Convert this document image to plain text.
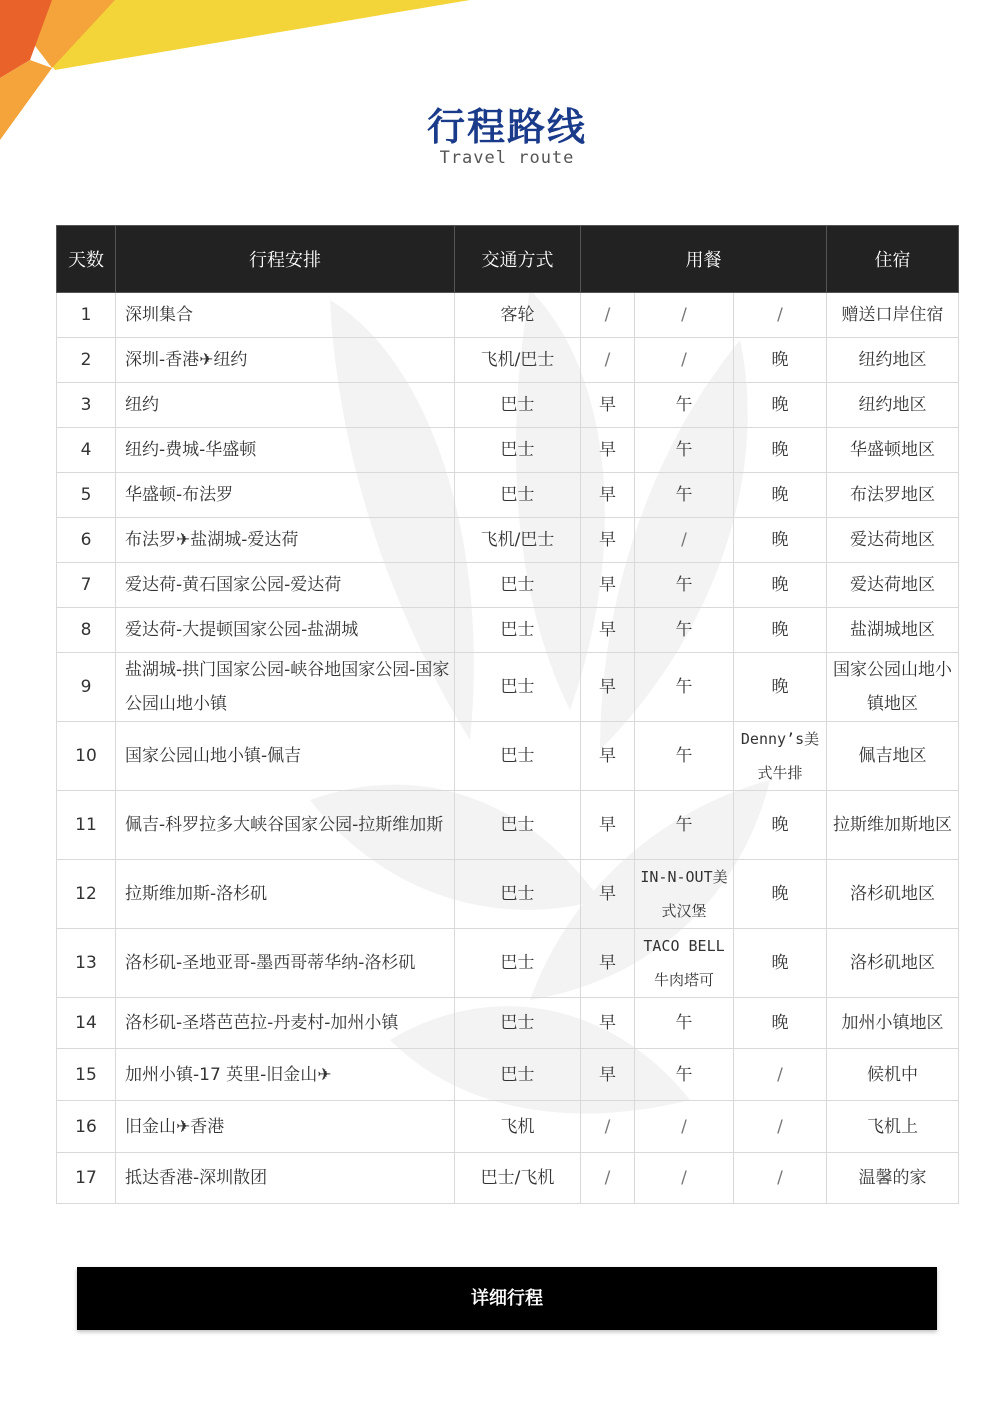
行程路线
Travel route
天数	行程安排	交通方式	用餐			住宿
1	深圳集合	客轮	/	/	/	赠送口岸住宿
2	深圳-香港✈纽约	飞机/巴士	/	/	晚	纽约地区
3	纽约	巴士	早	午	晚	纽约地区
4	纽约-费城-华盛顿	巴士	早	午	晚	华盛顿地区
5	华盛顿-布法罗	巴士	早	午	晚	布法罗地区
6	布法罗✈盐湖城-爱达荷	飞机/巴士	早	/	晚	爱达荷地区
7	爱达荷-黄石国家公园-爱达荷	巴士	早	午	晚	爱达荷地区
8	爱达荷-大提顿国家公园-盐湖城	巴士	早	午	晚	盐湖城地区
9	盐湖城-拱门国家公园-峡谷地国家公园-国家公园山地小镇	巴士	早	午	晚	国家公园山地小镇地区
10	国家公园山地小镇-佩吉	巴士	早	午	Denny’s美式牛排	佩吉地区
11	佩吉-科罗拉多大峡谷国家公园-拉斯维加斯	巴士	早	午	晚	拉斯维加斯地区
12	拉斯维加斯-洛杉矶	巴士	早	IN-N-OUT美式汉堡	晚	洛杉矶地区
13	洛杉矶-圣地亚哥-墨西哥蒂华纳-洛杉矶	巴士	早	TACO BELL牛肉塔可	晚	洛杉矶地区
14	洛杉矶-圣塔芭芭拉-丹麦村-加州小镇	巴士	早	午	晚	加州小镇地区
15	加州小镇-17 英里-旧金山✈	巴士	早	午	/	候机中
16	旧金山✈香港	飞机	/	/	/	飞机上
17	抵达香港-深圳散团	巴士/飞机	/	/	/	温馨的家
详细行程
